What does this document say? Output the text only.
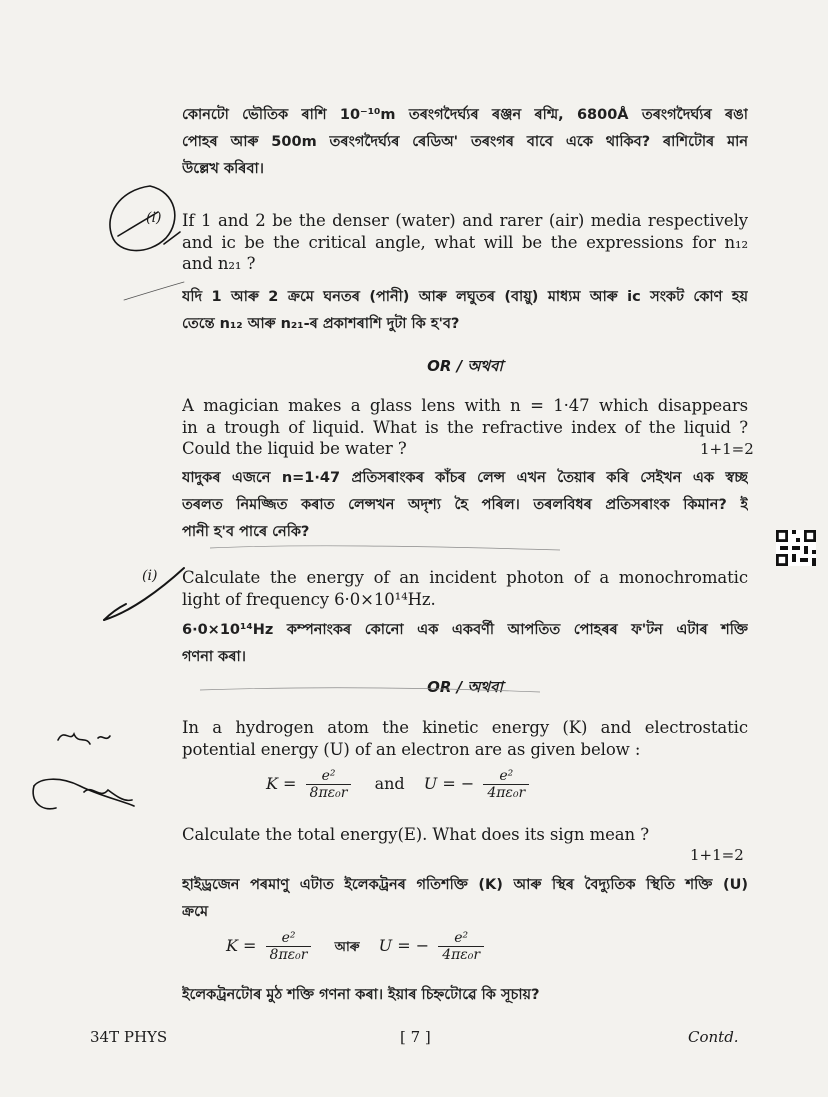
কোনটো ভৌতিক ৰাশি 10⁻¹⁰m তৰংগদৈৰ্ঘ্যৰ ৰঞ্জন ৰশ্মি, 6800Å তৰংগদৈৰ্ঘ্যৰ ৰঙা
পোহৰ আৰু 500m তৰংগদৈৰ্ঘ্যৰ ৰেডিঅ' তৰংগৰ বাবে একে থাকিব? ৰাশিটোৰ মান
উল্লেখ কৰিবা।
(i) If 1 and 2 be the denser (water) and rarer (air) media respectively
and iᴄ be the critical angle, what will be the expressions for n₁₂
and n₂₁ ?
যদি 1 আৰু 2 ক্ৰমে ঘনতৰ (পানী) আৰু লঘুতৰ (বায়ু) মাধ্যম আৰু iᴄ সংকট কোণ হয়
তেন্তে n₁₂ আৰু n₂₁-ৰ প্ৰকাশৰাশি দুটা কি হ'ব?
OR / অথবা
A magician makes a glass lens with n = 1·47 which disappears
in a trough of liquid. What is the refractive index of the liquid ?
Could the liquid be water ?	1+1=2
যাদুকৰ এজনে n=1·47 প্ৰতিসৰাংকৰ কাঁচৰ লেন্স এখন তৈয়াৰ কৰি সেইখন এক স্বচ্ছ
তৰলত নিমজ্জিত কৰাত লেন্সখন অদৃশ্য হৈ পৰিল। তৰলবিধৰ প্ৰতিসৰাংক কিমান? ই
পানী হ'ব পাৰে নেকি?
(i) Calculate the energy of an incident photon of a monochromatic
light of frequency 6·0×10¹⁴Hz.
6·0×10¹⁴Hz কম্পনাংকৰ কোনো এক একবৰ্ণী আপতিত পোহৰৰ ফ'টন এটাৰ শক্তি
গণনা কৰা।
OR / অথবা
In a hydrogen atom the kinetic energy (K) and electrostatic
potential energy (U) of an electron are as given below :
$K = \frac{\text{e²}}{\text{8πε₀r}}$ and U = − $\frac{\text{e²}}{\text{4πε₀r}}$
Calculate the total energy(E). What does its sign mean ?
1+1=2
হাইড্ৰজেন পৰমাণু এটাত ইলেকট্ৰনৰ গতিশক্তি (K) আৰু স্থিৰ বৈদ্যুতিক স্থিতি শক্তি (U)
ক্ৰমে
$K = \frac{\text{e²}}{\text{8πε₀r}}$ আৰু U = − $\frac{\text{e²}}{\text{4πε₀r}}$
ইলেকট্ৰনটোৰ মুঠ শক্তি গণনা কৰা। ইয়াৰ চিহ্নটোৱে কি সূচায়?
34T PHYS	[ 7 ]	Contd.
